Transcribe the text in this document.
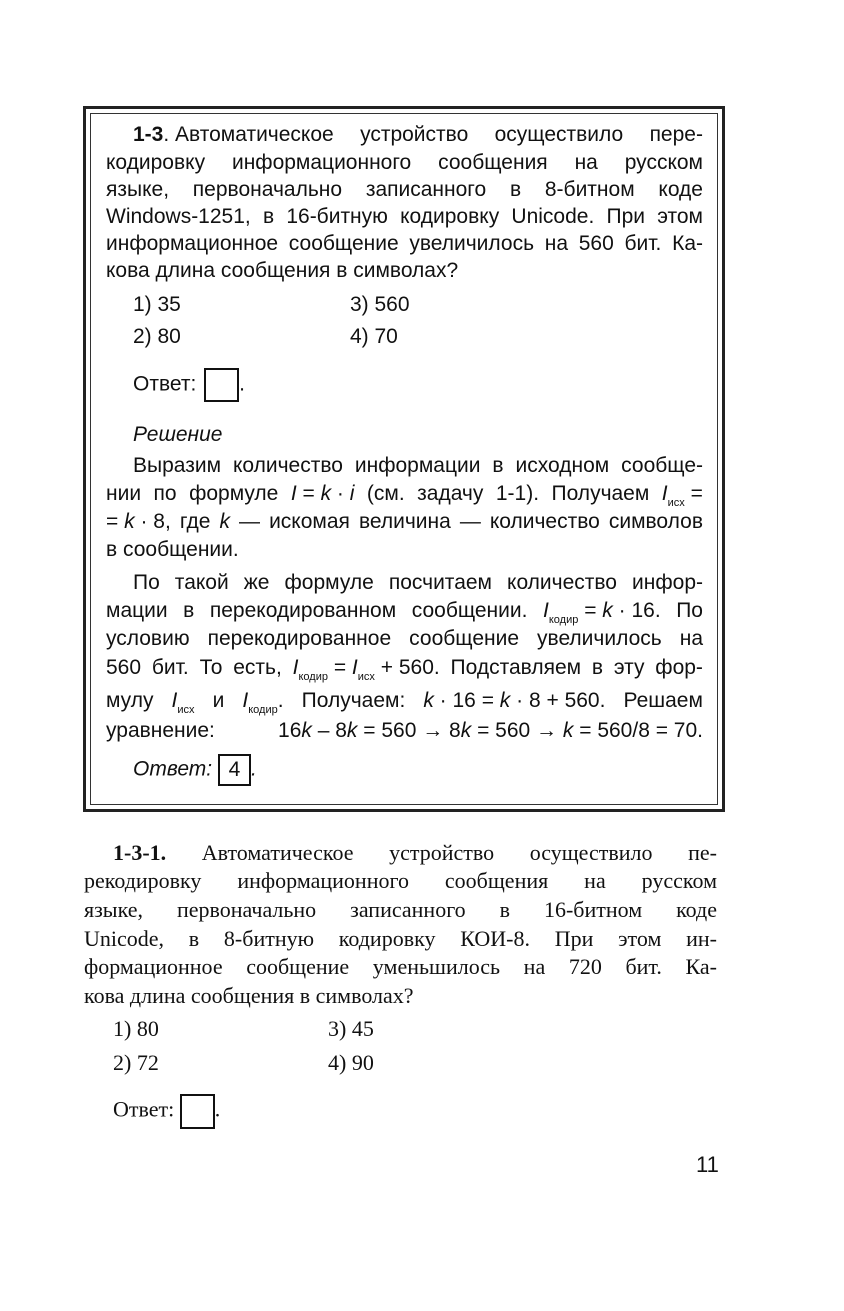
1-3. Автоматическое устройство осуществило пере-
кодировку информационного сообщения на русском
языке, первоначально записанного в 8-битном коде
Windows-1251, в 16-битную кодировку Unicode. При этом
информационное сообщение увеличилось на 560 бит. Ка-
кова длина сообщения в символах?
1) 35	3) 560
2) 80	4) 70
Ответ: .
Решение
Выразим количество информации в исходном сообще-
нии по формуле I = k · i (см. задачу 1-1). Получаем $I_{исх}$ =
= k · 8, где k — искомая величина — количество символов
в сообщении.
По такой же формуле посчитаем количество инфор-
мации в перекодированном сообщении. $I_{кодир} = k \cdot 16$. По
условию перекодированное сообщение увеличилось на
560 бит. То есть, $I_{кодир} = I_{исх} + 560$. Подставляем в эту фор-
мулу $I_{исх}$ и $I_{кодир}$. Получаем: k · 16 = k · 8 + 560. Решаем
уравнение:	16k – 8k = 560 → 8k = 560 → k = 560/8 = 70.
Ответ: 4 .
1-3-1. Автоматическое устройство осуществило пе-
рекодировку информационного сообщения на русском
языке, первоначально записанного в 16-битном коде
Unicode, в 8-битную кодировку КОИ-8. При этом ин-
формационное сообщение уменьшилось на 720 бит. Ка-
кова длина сообщения в символах?
1) 80	3) 45
2) 72	4) 90
Ответ: .
11
